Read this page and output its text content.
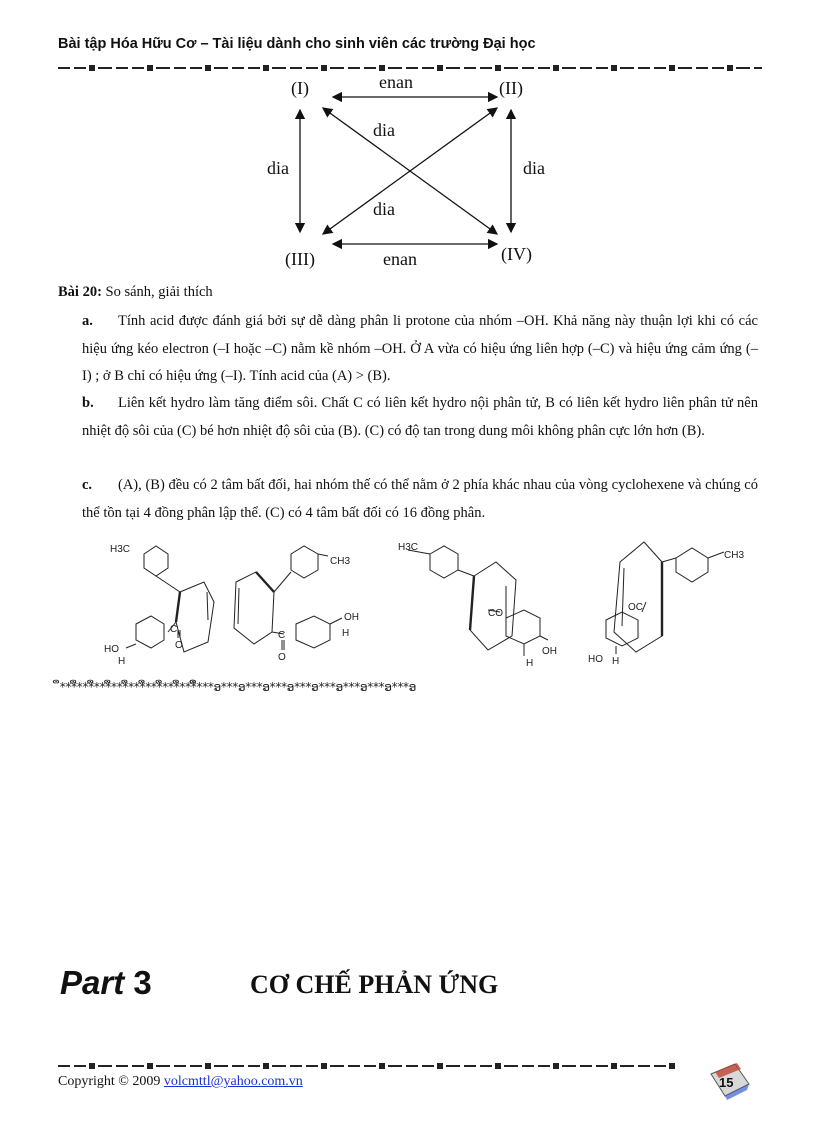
Bài tập Hóa Hữu Cơ – Tài liệu dành cho sinh viên các trường Đại học
(I)	(II)
(III)	(IV)
enan
enan
dia	dia
dia
dia
Bài 20: So sánh, giải thích
a. Tính acid được đánh giá bởi sự dễ dàng phân li protone của nhóm –OH. Khả năng này thuận lợi khi có các hiệu ứng kéo electron (–I hoặc –C) nằm kề nhóm –OH. Ở A vừa có hiệu ứng liên hợp (–C) và hiệu ứng cảm ứng (–I) ; ở B chỉ có hiệu ứng (–I). Tính acid của (A) > (B).
b. Liên kết hydro làm tăng điểm sôi. Chất C có liên kết hydro nội phân tử, B có liên kết hydro liên phân tử nên nhiệt độ sôi của (C) bé hơn nhiệt độ sôi của (B). (C) có độ tan trong dung môi không phân cực lớn hơn (B).
c. (A), (B) đều có 2 tâm bất đối, hai nhóm thế có thể nằm ở 2 phía khác nhau của vòng cyclohexene và chúng có thể tồn tại 4 đồng phân lập thể. (C) có 4 tâm bất đối có 16 đồng phân.
H3C
C
O
HO
H
CH3
C
O
OH
H
H3C
CO
OH
H
CH3
OC
HO H
ຶ***ຶ***ຶ***ຶ***ຶ***ຶ***ຶ***ຶ***ຶຶ***ອ***ອ***ອ***ອ***ອ***ອ***ອ***ອ***ອ
Part 3	CƠ CHẾ PHẢN ỨNG
Copyright © 2009 volcmttl@yahoo.com.vn	15
